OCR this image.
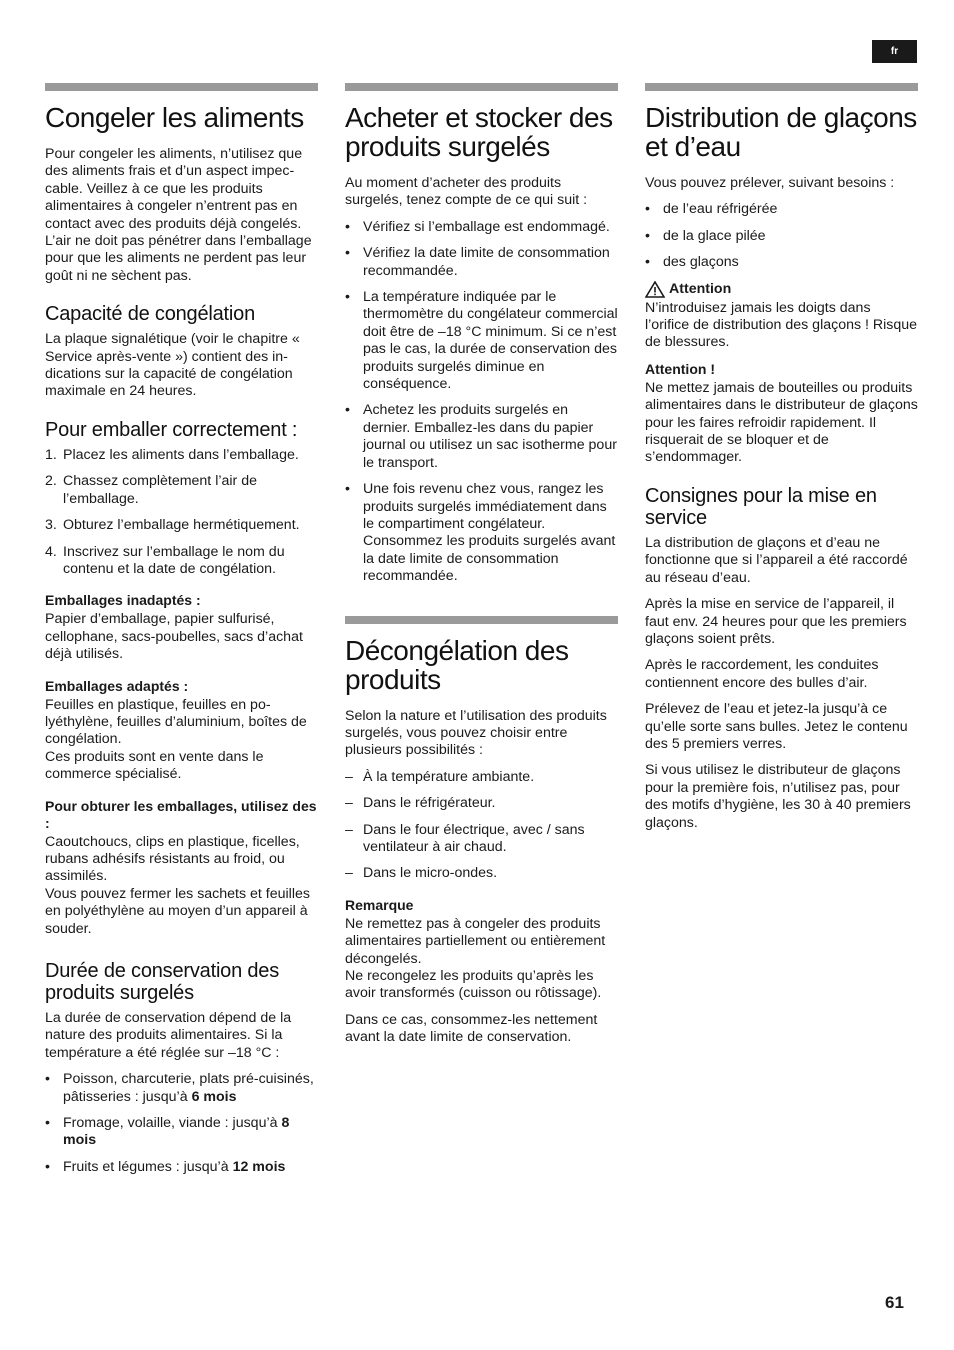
fr
Congeler les aliments

Pour congeler les aliments, n’utilisez que des aliments frais et d’un aspect impeccable. Veillez à ce que les produits alimentaires à congeler n’entrent pas en contact avec des produits déjà congelés. L’air ne doit pas pénétrer dans l’emballage pour que les aliments ne perdent pas leur goût ni ne sèchent pas.

Capacité de congélation

La plaque signalétique (voir le chapitre « Service après-vente ») contient des indications sur la capacité de congélation maximale en 24 heures.

Pour emballer correctement :
1. Placez les aliments dans l’emballage.
2. Chassez complètement l’air de l’emballage.
3. Obturez l’emballage hermétiquement.
4. Inscrivez sur l’emballage le nom du contenu et la date de congélation.
Emballages inadaptés :

Papier d’emballage, papier sulfurisé, cellophane, sacs-poubelles, sacs d’achat déjà utilisés.

Emballages adaptés :

Feuilles en plastique, feuilles en polyéthylène, feuilles d’aluminium, boîtes de congélation.

Ces produits sont en vente dans le commerce spécialisé.

Pour obturer les emballages, utilisez des :

Caoutchoucs, clips en plastique, ficelles, rubans adhésifs résistants au froid, ou assimilés.

Vous pouvez fermer les sachets et feuilles en polyéthylène au moyen d’un appareil à souder.

Durée de conservation des produits surgelés

La durée de conservation dépend de la nature des produits alimentaires. Si la température a été réglée sur –18 °C :

• Poisson, charcuterie, plats pré-cuisinés, pâtisseries : jusqu’à 6 mois
• Fromage, volaille, viande : jusqu’à 8 mois
• Fruits et légumes : jusqu’à 12 mois
Acheter et stocker des produits surgelés

Au moment d’acheter des produits surgelés, tenez compte de ce qui suit :

• Vérifiez si l’emballage est endommagé.
• Vérifiez la date limite de consommation recommandée.
• La température indiquée par le thermomètre du congélateur commercial doit être de –18 °C minimum. Si ce n’est pas le cas, la durée de conservation des produits surgelés diminue en conséquence.
• Achetez les produits surgelés en dernier. Emballez-les dans du papier journal ou utilisez un sac isotherme pour le transport.
• Une fois revenu chez vous, rangez les produits surgelés immédiatement dans le compartiment congélateur. Consommez les produits surgelés avant la date limite de consommation recommandée.
Décongélation des produits

Selon la nature et l’utilisation des produits surgelés, vous pouvez choisir entre plusieurs possibilités :

– À la température ambiante.
– Dans le réfrigérateur.
– Dans le four électrique, avec / sans ventilateur à air chaud.
– Dans le micro-ondes.
Remarque

Ne remettez pas à congeler des produits alimentaires partiellement ou entièrement décongelés.

Ne recongelez les produits qu’après les avoir transformés (cuisson ou rôtissage).

Dans ce cas, consommez-les nettement avant la date limite de conservation.

Distribution de glaçons et d’eau

Vous pouvez prélever, suivant besoins :

• de l’eau réfrigérée
• de la glace pilée
• des glaçons
Attention

N’introduisez jamais les doigts dans l’orifice de distribution des glaçons ! Risque de blessures.

Attention !

Ne mettez jamais de bouteilles ou produits alimentaires dans le distributeur de glaçons pour les faires refroidir rapidement. Il risquerait de se bloquer et de s’endommager.

Consignes pour la mise en service

La distribution de glaçons et d’eau ne fonctionne que si l’appareil a été raccordé au réseau d’eau.

Après la mise en service de l’appareil, il faut env. 24 heures pour que les premiers glaçons soient prêts.

Après le raccordement, les conduites contiennent encore des bulles d’air.

Prélevez de l’eau et jetez-la jusqu’à ce qu’elle sorte sans bulles. Jetez le contenu des 5 premiers verres.

Si vous utilisez le distributeur de glaçons pour la première fois, n’utilisez pas, pour des motifs d’hygiène, les 30 à 40 premiers glaçons.

61
